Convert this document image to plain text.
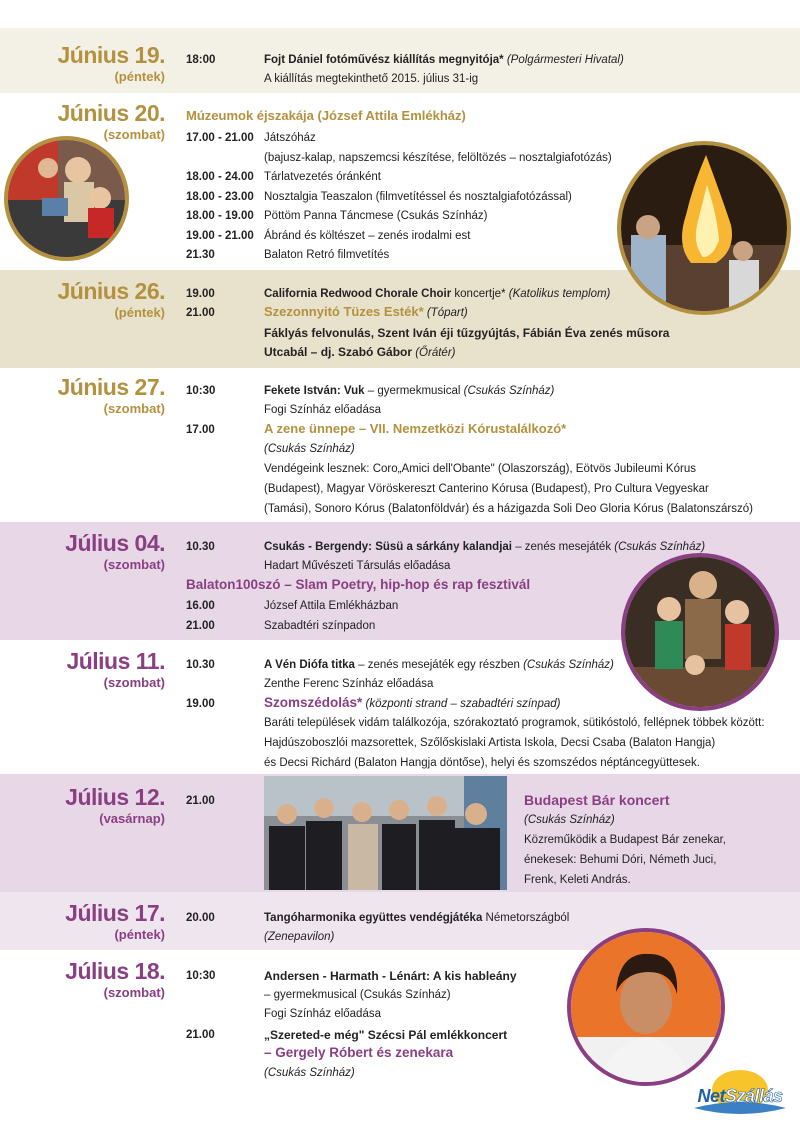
Június 19.
(péntek)
18:00	Fojt Dániel fotóművész kiállítás megnyitója* (Polgármesteri Hivatal)
A kiállítás megtekinthető 2015. július 31-ig
Június 20.
(szombat)
Múzeumok éjszakája (József Attila Emlékház)
17.00 - 21.00 Játszóház
(bajusz-kalap, napszemcsi készítése, felöltözés – nosztalgiafotózás)
18.00 - 24.00 Tárlatvezetés óránként
18.00 - 23.00 Nosztalgia Teaszalon (filmvetítéssel és nosztalgiafotózással)
18.00 - 19.00 Pöttöm Panna Táncmese (Csukás Színház)
19.00 - 21.00 Ábránd és költészet – zenés irodalmi est
21.30	Balaton Retró filmvetítés
Június 26.
(péntek)
19.00	California Redwood Chorale Choir koncertje* (Katolikus templom)
21.00	Szezonnyitó Tüzes Esték* (Tópart)
Fáklyás felvonulás, Szent Iván éji tűzgyújtás, Fábián Éva zenés műsora
Utcabál – dj. Szabó Gábor (Őrátér)
Június 27.
(szombat)
10:30	Fekete István: Vuk – gyermekmusical (Csukás Színház)
Fogi Színház előadása
17.00	A zene ünnepe – VII. Nemzetközi Kórustalálkozó*
(Csukás Színház)
Vendégeink lesznek: Coro„Amici dell'Obante" (Olaszország), Eötvös Jubileumi Kórus
(Budapest), Magyar Vöröskereszt Canterino Kórusa (Budapest), Pro Cultura Vegyeskar
(Tamási), Sonoro Kórus (Balatonföldvár) és a házigazda Soli Deo Gloria Kórus (Balatonszárszó)
Július 04.
(szombat)
10.30	Csukás - Bergendy: Süsü a sárkány kalandjai – zenés mesejáték (Csukás Színház)
Hadart Művészeti Társulás előadása
Balaton100szó – Slam Poetry, hip-hop és rap fesztivál
16.00	József Attila Emlékházban
21.00	Szabadtéri színpadon
Július 11.
(szombat)
10.30	A Vén Diófa titka – zenés mesejáték egy részben (Csukás Színház)
Zenthe Ferenc Színház előadása
19.00	Szomszédolás* (központi strand – szabadtéri színpad)
Baráti települések vidám találkozója, szórakoztató programok, sütikóstoló, fellépnek többek között:
Hajdúszoboszlói mazsorettek, Szőlőskislaki Artista Iskola, Decsi Csaba (Balaton Hangja)
és Decsi Richárd (Balaton Hangja döntőse), helyi és szomszédos néptáncegyüttesek.
Július 12.
(vasárnap)
21.00	Budapest Bár koncert
(Csukás Színház)
Közreműködik a Budapest Bár zenekar,
énekesek: Behumi Dóri, Németh Juci,
Frenk, Keleti András.
Július 17.
(péntek)
20.00	Tangóharmonika együttes vendégjátéka Németországból
(Zenepavilon)
Július 18.
(szombat)
10:30	Andersen - Harmath - Lénárt: A kis hableány
– gyermekmusical (Csukás Színház)
Fogi Színház előadása
21.00	„Szereted-e még" Szécsi Pál emlékkoncert
– Gergely Róbert és zenekara
(Csukás Színház)
NetSzállás
